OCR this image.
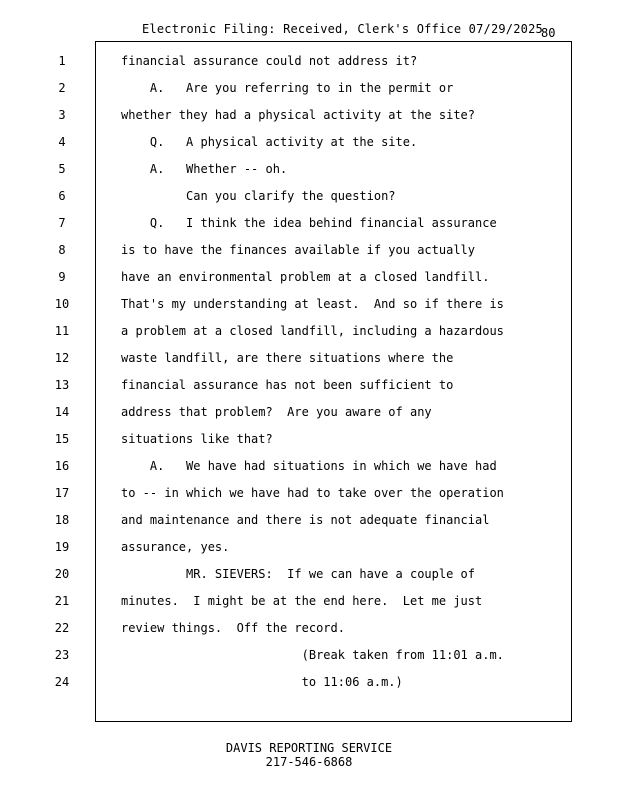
Electronic Filing: Received, Clerk's Office 07/29/2025
80
1	financial assurance could not address it?
2	A.   Are you referring to in the permit or
3	whether they had a physical activity at the site?
4	Q.   A physical activity at the site.
5	A.   Whether -- oh.
6	Can you clarify the question?
7	Q.   I think the idea behind financial assurance
8	is to have the finances available if you actually
9	have an environmental problem at a closed landfill.
10	That's my understanding at least.  And so if there is
11	a problem at a closed landfill, including a hazardous
12	waste landfill, are there situations where the
13	financial assurance has not been sufficient to
14	address that problem?  Are you aware of any
15	situations like that?
16	A.   We have had situations in which we have had
17	to -- in which we have had to take over the operation
18	and maintenance and there is not adequate financial
19	assurance, yes.
20	MR. SIEVERS:  If we can have a couple of
21	minutes.  I might be at the end here.  Let me just
22	review things.  Off the record.
23	(Break taken from 11:01 a.m.
24	to 11:06 a.m.)
DAVIS REPORTING SERVICE
217-546-6868
